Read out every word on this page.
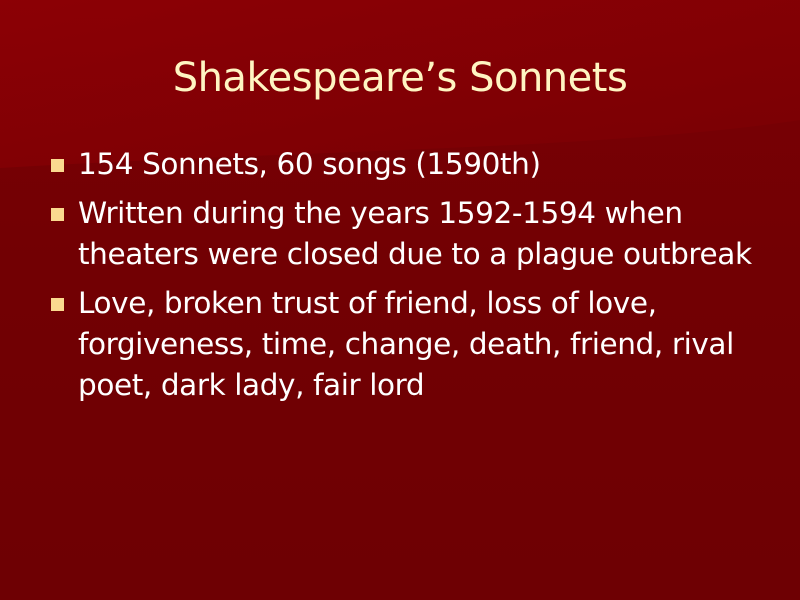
Shakespeare’s Sonnets
154 Sonnets, 60 songs (1590th)
Written during the years 1592-1594 when theaters were closed due to a plague outbreak
Love, broken trust of friend, loss of love, forgiveness, time, change, death, friend, rival poet, dark lady, fair lord
